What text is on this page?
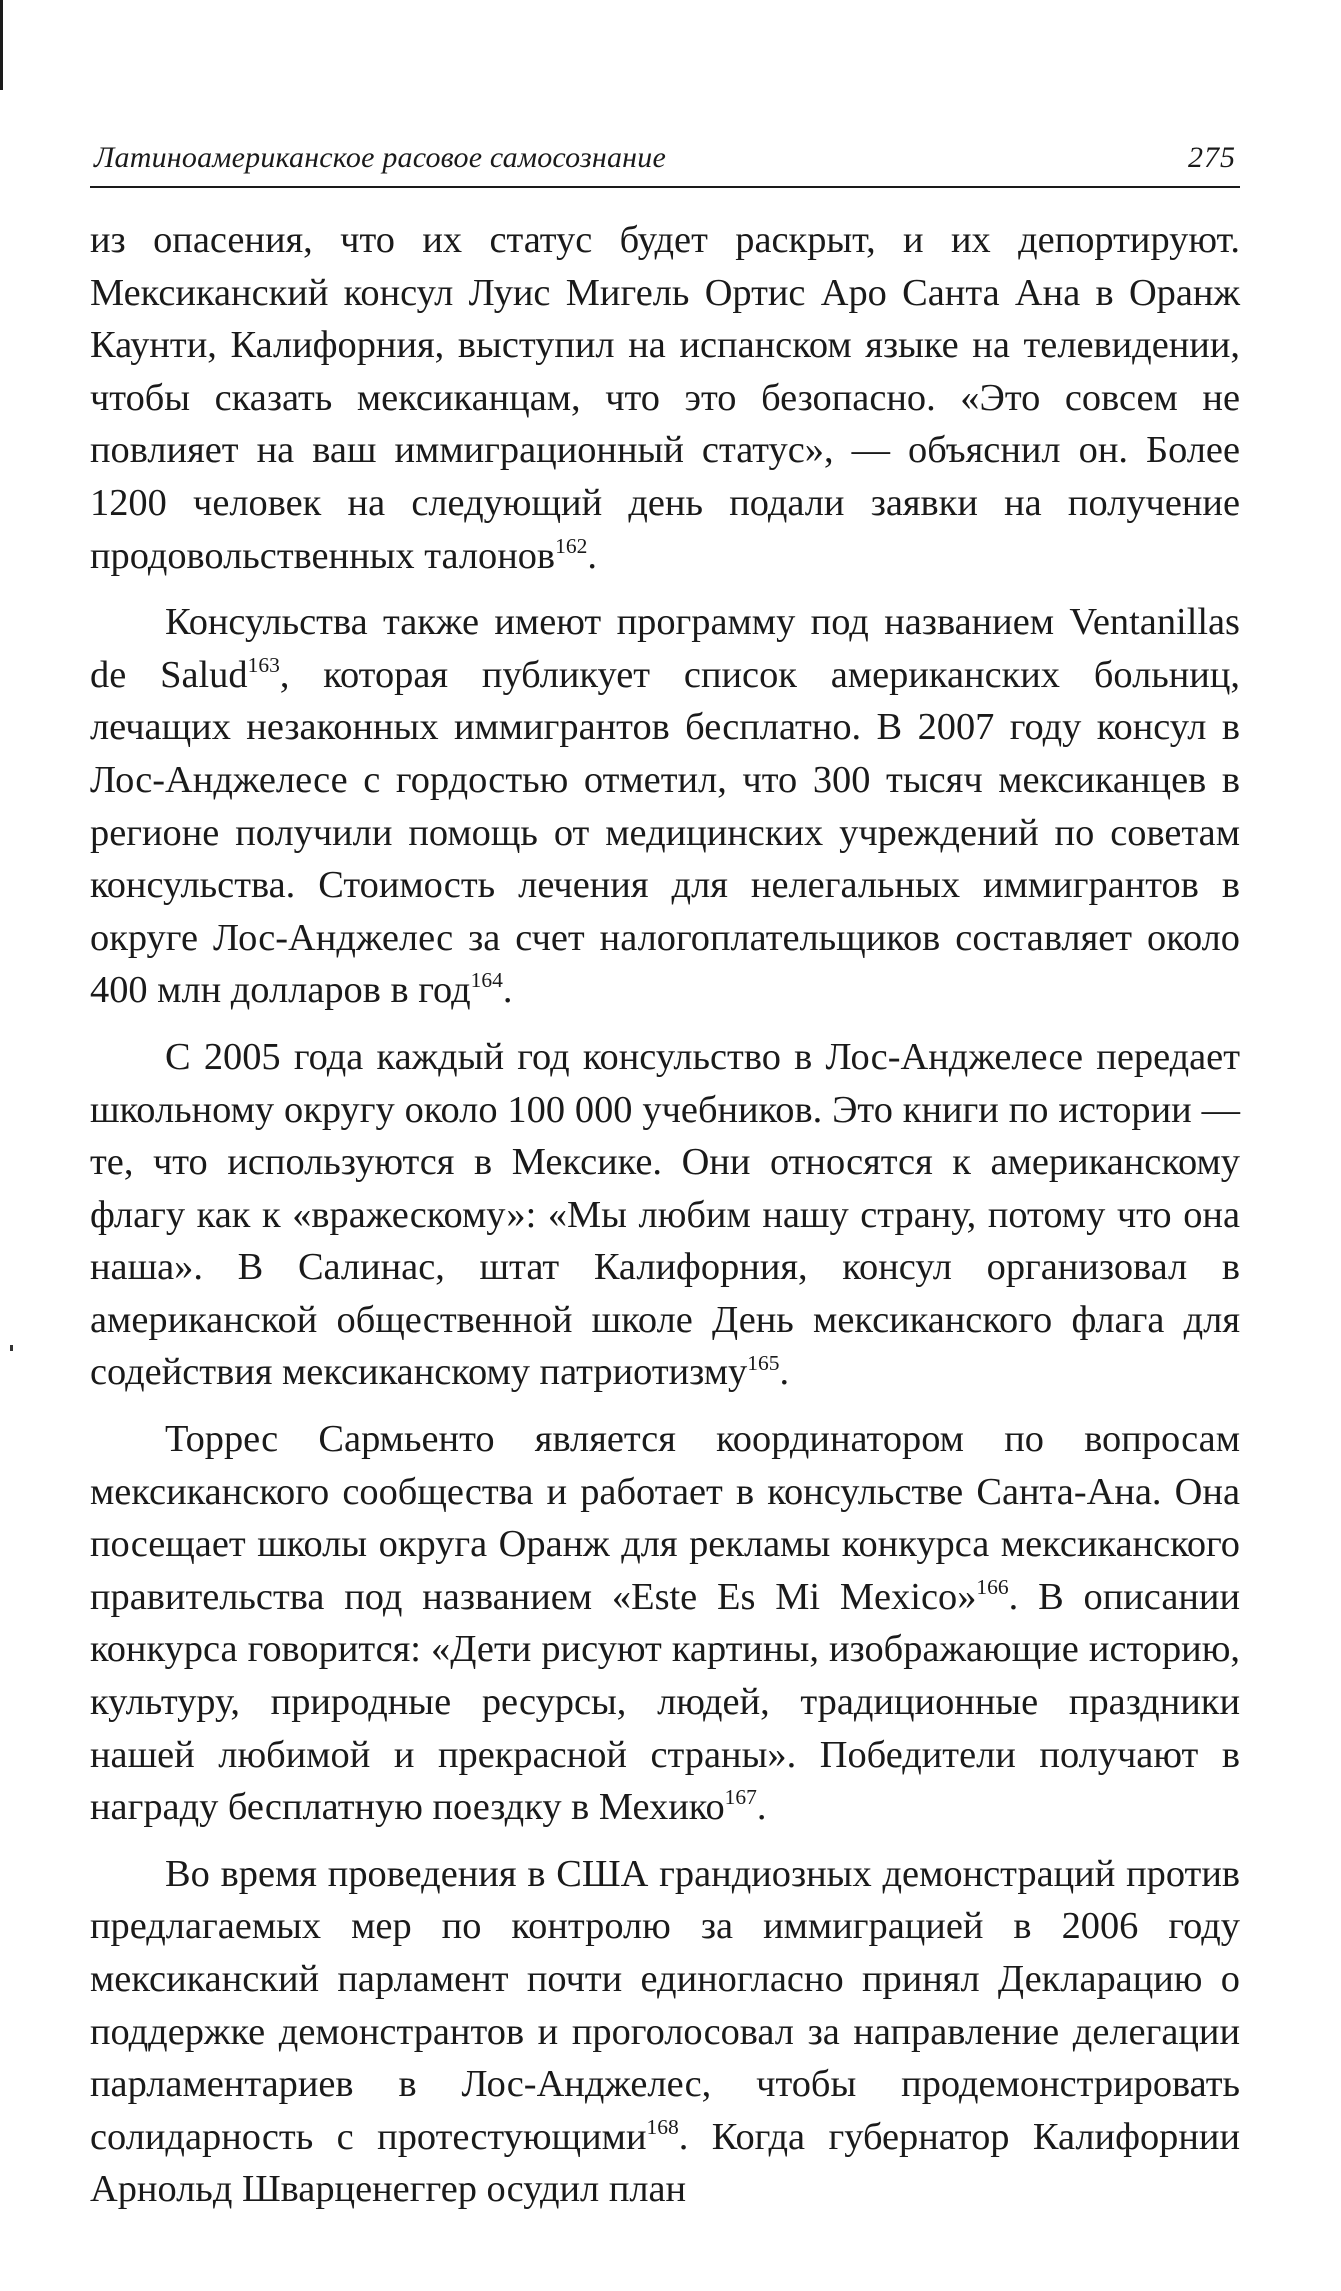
Латиноамериканское расовое самосознание	275

из опасения, что их статус будет раскрыт, и их депортируют. Мексиканский консул Луис Мигель Ортис Аро Санта Ана в Оранж Каунти, Калифорния, выступил на испанском языке на телевидении, чтобы сказать мексиканцам, что это безопасно. «Это совсем не повлияет на ваш иммиграционный статус», — объяснил он. Более 1200 человек на следующий день подали заявки на получение продовольственных талонов$^{162}$.

Консульства также имеют программу под названием Ventanillas de Salud$^{163}$, которая публикует список американских больниц, лечащих незаконных иммигрантов бесплатно. В 2007 году консул в Лос-Анджелесе с гордостью отметил, что 300 тысяч мексиканцев в регионе получили помощь от медицинских учреждений по советам консульства. Стоимость лечения для нелегальных иммигрантов в округе Лос-Анджелес за счет налогоплательщиков составляет около 400 млн долларов в год$^{164}$.

С 2005 года каждый год консульство в Лос-Анджелесе передает школьному округу около 100 000 учебников. Это книги по истории — те, что используются в Мексике. Они относятся к американскому флагу как к «вражескому»: «Мы любим нашу страну, потому что она наша». В Салинас, штат Калифорния, консул организовал в американской общественной школе День мексиканского флага для содействия мексиканскому патриотизму$^{165}$.

Торрес Сармьенто является координатором по вопросам мексиканского сообщества и работает в консульстве Санта-Ана. Она посещает школы округа Оранж для рекламы конкурса мексиканского правительства под названием «Este Es Mi Mexico»$^{166}$. В описании конкурса говорится: «Дети рисуют картины, изображающие историю, культуру, природные ресурсы, людей, традиционные праздники нашей любимой и прекрасной страны». Победители получают в награду бесплатную поездку в Мехико$^{167}$.

Во время проведения в США грандиозных демонстраций против предлагаемых мер по контролю за иммиграцией в 2006 году мексиканский парламент почти единогласно принял Декларацию о поддержке демонстрантов и проголосовал за направление делегации парламентариев в Лос-Анджелес, чтобы продемонстрировать солидарность с протестующими$^{168}$. Когда губернатор Калифорнии Арнольд Шварценеггер осудил план
